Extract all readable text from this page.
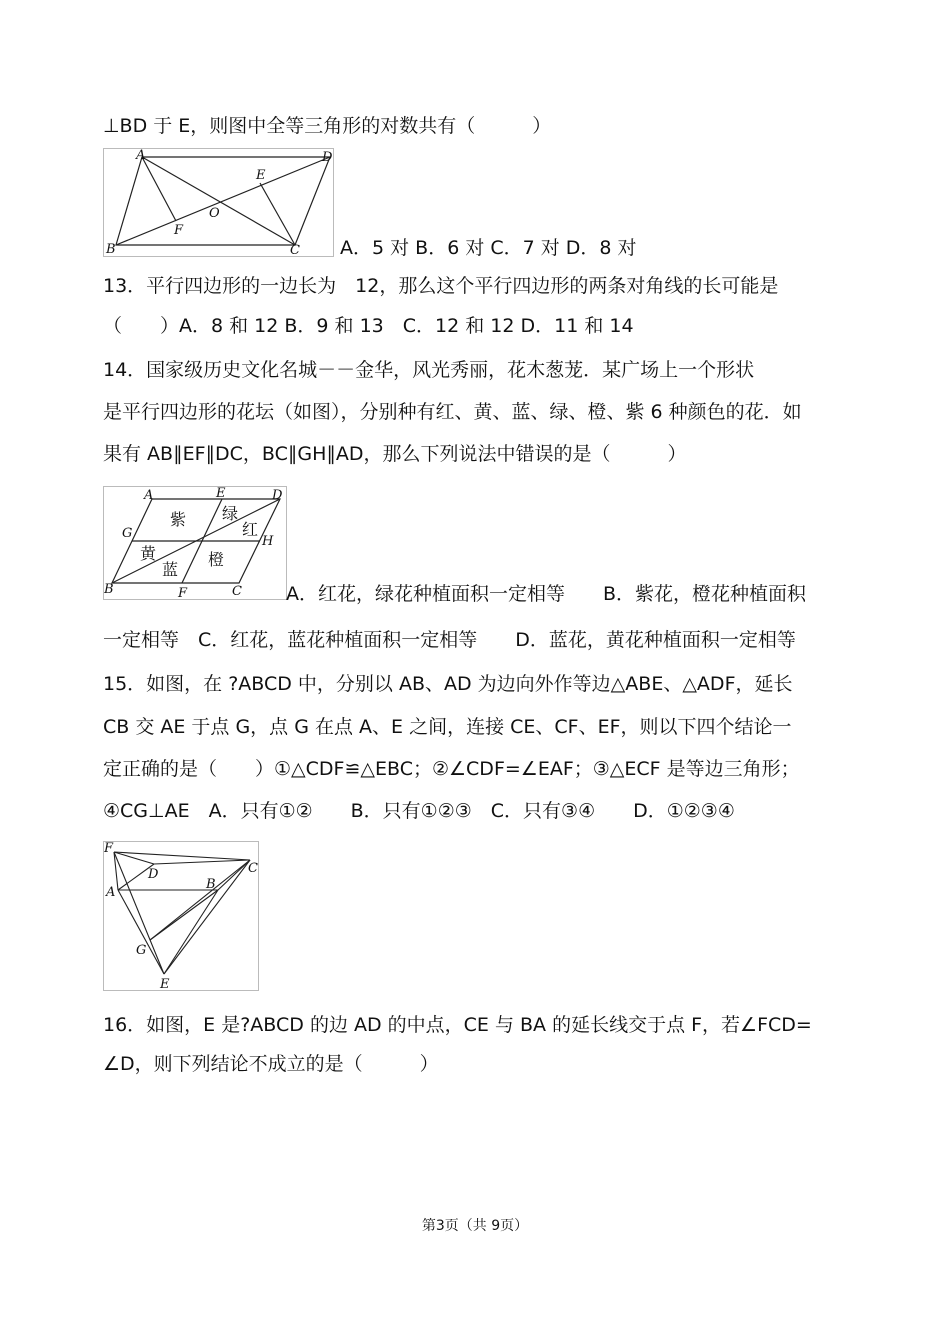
⊥BD 于 E，则图中全等三角形的对数共有（　　　）
A	D
B	C
E
F
O
A．5 对 B．6 对 C．7 对 D．8 对
13．平行四边形的一边长为　12，那么这个平行四边形的两条对角线的长可能是
（　　）A．8 和 12 B．9 和 13　C．12 和 12 D．11 和 14
14．国家级历史文化名城－－金华，风光秀丽，花木葱茏．某广场上一个形状
是平行四边形的花坛（如图），分别种有红、黄、蓝、绿、橙、紫 6 种颜色的花．如
果有 AB∥EF∥DC，BC∥GH∥AD，那么下列说法中错误的是（　　　）
A	E	D
G
H
B	F	C
紫 绿
红
黄
蓝
橙
A．红花，绿花种植面积一定相等　　B．紫花，橙花种植面积
一定相等　C．红花，蓝花种植面积一定相等　　D．蓝花，黄花种植面积一定相等
15．如图，在 ?ABCD 中，分别以 AB、AD 为边向外作等边△ABE、△ADF，延长
CB 交 AE 于点 G，点 G 在点 A、E 之间，连接 CE、CF、EF，则以下四个结论一
定正确的是（　　）①△CDF≌△EBC；②∠CDF=∠EAF；③△ECF 是等边三角形；
④CG⊥AE　A．只有①②　　B．只有①②③　C．只有③④　　D．①②③④
F
D	C
A
B
G
E
16．如图，E 是?ABCD 的边 AD 的中点，CE 与 BA 的延长线交于点 F，若∠FCD=
∠D，则下列结论不成立的是（　　　）
第3页（共 9页）
